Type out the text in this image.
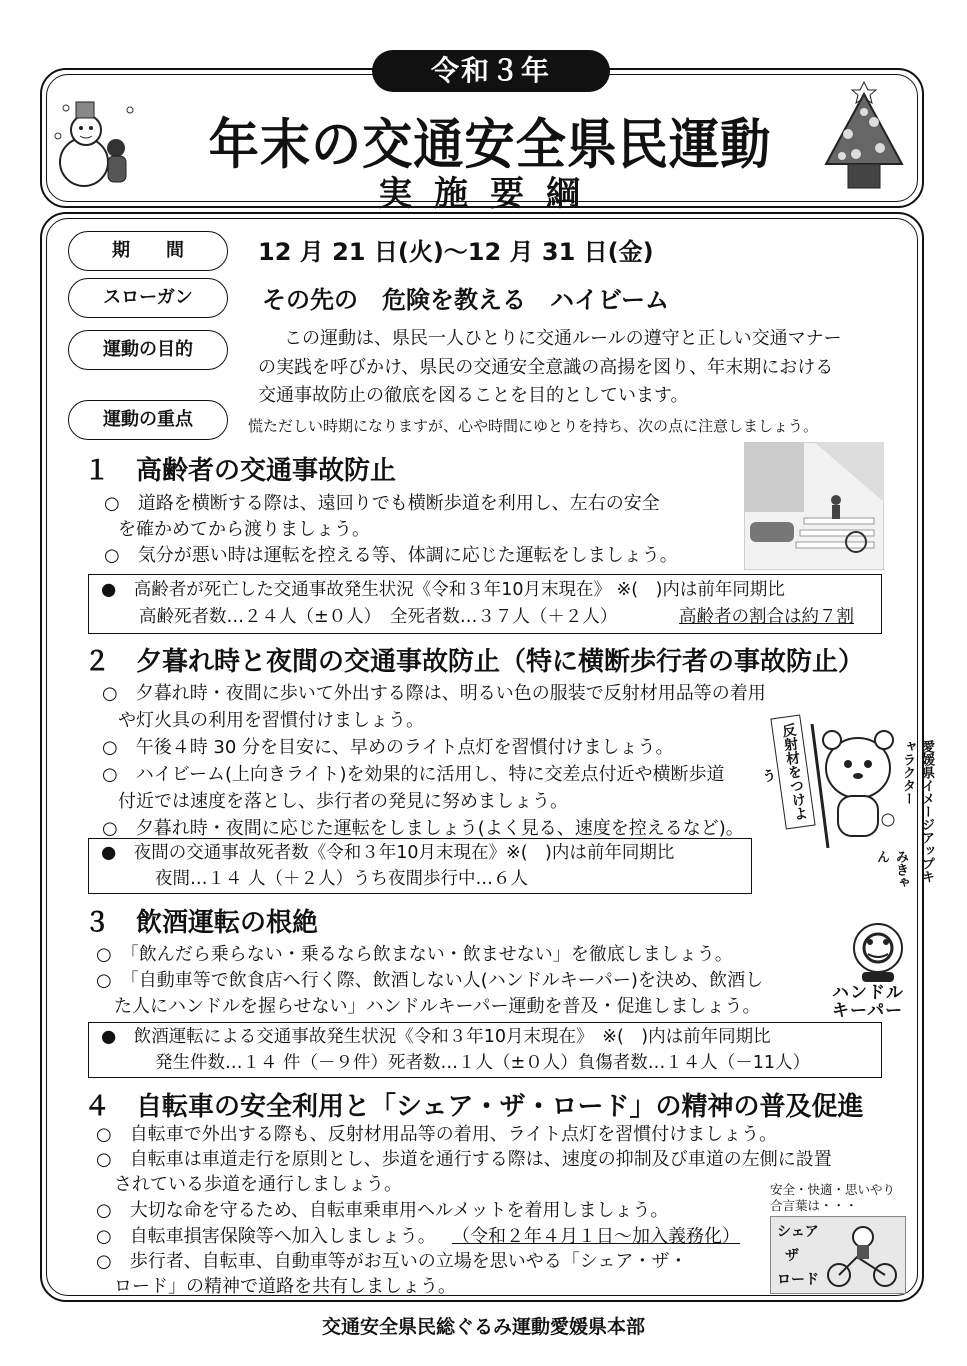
令和３年
年末の交通安全県民運動
実施要綱
期　　間	12 月 21 日(火)～12 月 31 日(金)
スローガン	その先の　危険を教える　ハイビーム
運動の目的
この運動は、県民一人ひとりに交通ルールの遵守と正しい交通マナー
の実践を呼びかけ、県民の交通安全意識の高揚を図り、年末期における
交通事故防止の徹底を図ることを目的としています。
運動の重点	慌ただしい時期になりますが、心や時間にゆとりを持ち、次の点に注意しましょう。
１　高齢者の交通事故防止
○　道路を横断する際は、遠回りでも横断歩道を利用し、左右の安全
を確かめてから渡りましょう。
○　気分が悪い時は運転を控える等、体調に応じた運転をしましょう。
●　高齢者が死亡した交通事故発生状況《令和３年10月末現在》 ※(　)内は前年同期比
高齢死者数…２４人（±０人）　全死者数…３７人（＋２人）	高齢者の割合は約７割
２　夕暮れ時と夜間の交通事故防止（特に横断歩行者の事故防止）
○　夕暮れ時・夜間に歩いて外出する際は、明るい色の服装で反射材用品等の着用
や灯火具の利用を習慣付けましょう。
○　午後４時 30 分を目安に、早めのライト点灯を習慣付けましょう。
○　ハイビーム(上向きライト)を効果的に活用し、特に交差点付近や横断歩道
付近では速度を落とし、歩行者の発見に努めましょう。
○　夕暮れ時・夜間に応じた運転をしましょう(よく見る、速度を控えるなど)。
反射材をつけよう	愛媛県イメージアップキャラクター
みきゃん
●　夜間の交通事故死者数《令和３年10月末現在》※(　)内は前年同期比
夜間…１４ 人（＋２人）うち夜間歩行中…６人
３　飲酒運転の根絶
○　「飲んだら乗らない・乗るなら飲まない・飲ませない」を徹底しましょう。
○　「自動車等で飲食店へ行く際、飲酒しない人(ハンドルキーパー)を決め、飲酒し
た人にハンドルを握らせない」ハンドルキーパー運動を普及・促進しましょう。
ハンドル
キーパー
●　飲酒運転による交通事故発生状況《令和３年10月末現在》　※(　)内は前年同期比
発生件数…１４ 件（－９件）死者数…１人（±０人）負傷者数…１４人（－11人）
４　自転車の安全利用と「シェア・ザ・ロード」の精神の普及促進
○　自転車で外出する際も、反射材用品等の着用、ライト点灯を習慣付けましょう。
○　自転車は車道走行を原則とし、歩道を通行する際は、速度の抑制及び車道の左側に設置
されている歩道を通行しましょう。
○　大切な命を守るため、自転車乗車用ヘルメットを着用しましょう。
○　自転車損害保険等へ加入しましょう。 （令和２年４月１日～加入義務化）
○　歩行者、自転車、自動車等がお互いの立場を思いやる「シェア・ザ・
ロード」の精神で道路を共有しましょう。
安全・快適・思いやり
合言葉は・・・
シェア
ザ
ロード
交通安全県民総ぐるみ運動愛媛県本部
